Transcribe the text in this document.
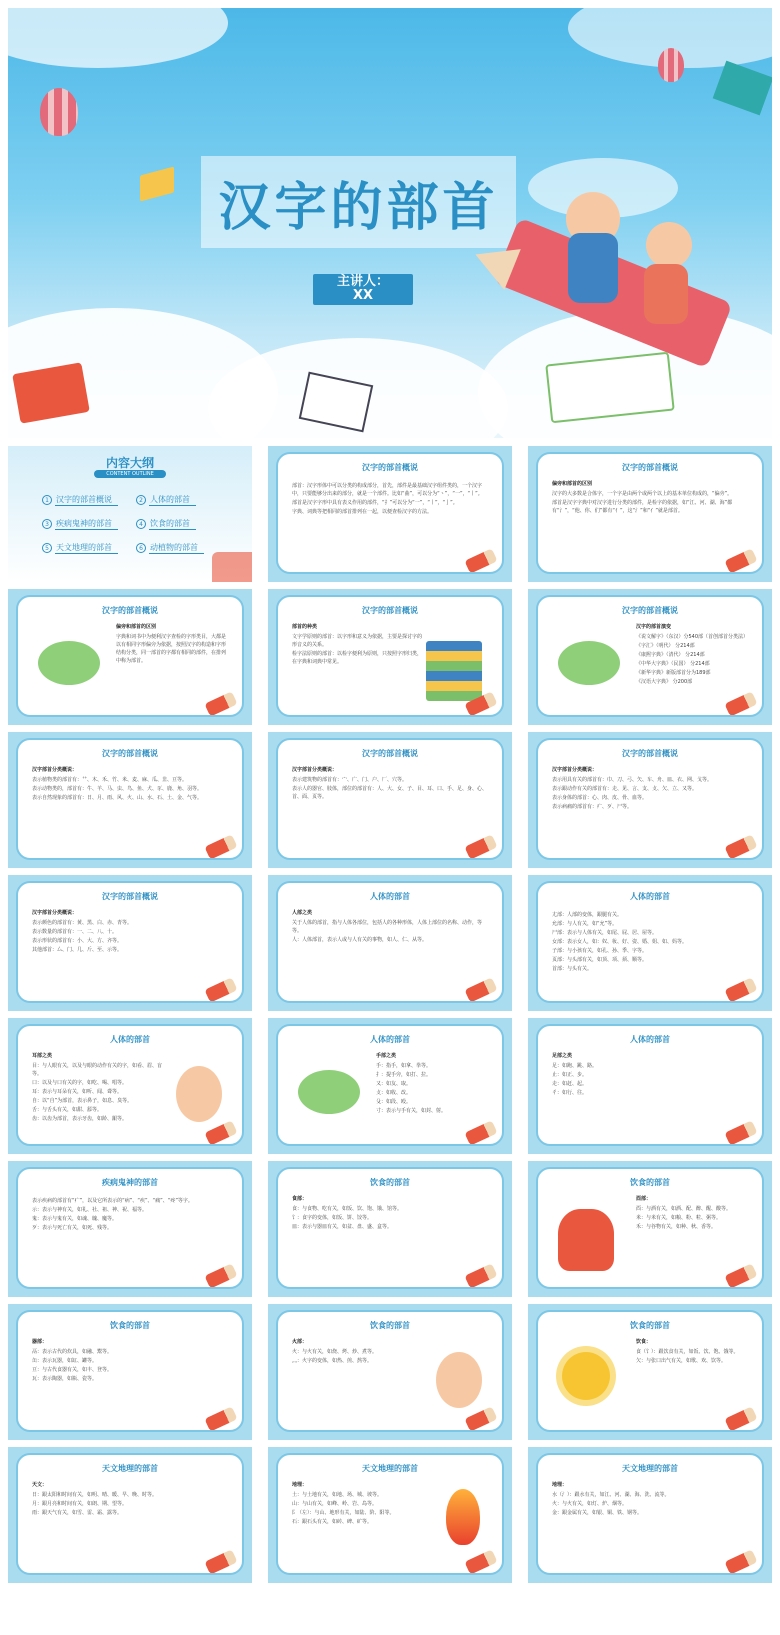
汉字的部首
主讲人：
XX
内容大纲
CONTENT OUTLINE
1 汉字的部首概说	2 人体的部首
3 疾病鬼神的部首	4 饮食的部首
5 天文地理的部首	6 动植物的部首
汉字的部首概说
部首：汉字形体中可以分类的构成部分，首先，部件是最基础汉字组件类的，一个汉字中，只要能够分出来的部分，就是一个部件。比如“曲”，可以分为“丶”，“一”，“丨”。
部首是汉字字形中具有表义作用的部件，“扌”可以分为“一”，“丨”，“亅”。
字典、词典等把相同的部首排列在一起，以便查检汉字的方法。
汉字的部首概说
偏旁和部首的区别
汉字的大多数是合体字，一个字是由两个或两个以上的基本单位构成的，“偏旁”。
部首是汉字字典中对汉字进行分类的部件，是检字的依据，如“江、河、湖、海”都有“氵”，“他、你、们”都有“亻”，这“氵”和“亻”就是部首。
汉字的部首概说
偏旁和部首的区别
字典和词书中为便利汉字查检的字形类目，大都是以有相同字形偏旁为依据，按照汉字的构造和字形结构分类，同一部首的字都有相同的部件，在排列中称为部首。
汉字的部首概说
部首的种类
文字学原则的部首：以字形和意义为依据，主要是探讨字的形音义的关系。
检字法原则的部首：以检字便利为原则，只按照字形归类，在字典和词典中常见。
汉字的部首概说
汉字的部首演变
《说文解字》（东汉）分540部（首创部首分类法）
《字汇》（明代） 分214部
《康熙字典》（清代） 分214部
《中华大字典》（民国） 分214部
《新华字典》新版部首分为189部
《汉语大字典》 分200部
汉字的部首概说
汉字部首分类概说：
表示植物类的部首有：艹、木、禾、竹、米、麦、麻、瓜、韭、豆等。
表示动物类的，部首有：牛、羊、马、虫、鸟、鱼、犬、豕、鹿、角、羽等。
表示自然现象的部首有：日、月、雨、风、火、山、水、石、土、金、气等。
汉字的部首概说
汉字部首分类概说：
表示建筑物的部首有：宀、广、门、户、厂、穴等。
表示人的器官、肢体，部位的部首有：人、大、女、子、目、耳、口、手、足、身、心、首、面、页等。
汉字的部首概说
汉字部首分类概说：
表示用具有关的部首有：巾、刀、弓、矢、车、舟、皿、衣、网、戈等。
表示跟动作有关的部首有：走、见、言、支、攴、欠、立、又等。
表示身体的部首：心、肉、皮、骨、血等。
表示病痛的部首有：疒、歹、尸等。
汉字的部首概说
汉字部首分类概说：
表示颜色的部首有：黄、黑、白、赤、青等。
表示数量的部首有：一、二、八、十。
表示形状的部首有：小、大、方、齐等。
其他部首：厶、门、几、斤、至、示等。
人体的部首
人部之类
关于人体的部首，指与人体各部位，包括人的各种形体，人体上部位的名称、动作，等等。
人：人体部首，表示人或与人有关的事物，如人、仁、从等。
人体的部首
尢部：人部的变体，跟腿有关。
允部：与人有关，如“允”等。
尸部：表示与人体有关，如尾、屁、居、屋等。
女部：表示女人，如：奴、妆、好、姿、婚、姐、如、妈等。
子部：与小孩有关，如孔、孙、季、字等。
页部：与头部有关，如顶、项、须、顺等。
首部：与头有关。
人体的部首
耳部之类
目：与人眼有关，以及与眼的动作有关的字，如看、眉、盲等。
口：以及与口有关的字，如吃、喝、唱等。
耳：表示与耳朵有关，如听、闻、聋等。
自：以“自”为部首，表示鼻子，如息、臭等。
舌：与舌头有关，如甜、舔等。
齿：以齿为部首，表示牙齿，如龄、龈等。
人体的部首
手部之类
手：指手，如拿、拳等。
扌：提手旁，如打、拉。
又：如友、取。
攴：如收、改。
殳：如段、殴。
寸：表示与手有关，如封、射。
人体的部首
足部之类
足：如跑、跳、路。
止：如正、步。
走：如赶、起。
彳：如行、往。
疾病鬼神的部首
表示疾病的部首有“疒”，以及它所表示的“病”、“疾”、“痛”、“疼”等字。
示：表示与神有关，如礼、社、祖、神、祝、福等。
鬼：表示与鬼有关，如魂、魄、魔等。
歹：表示与死亡有关，如死、残等。
饮食的部首
食部：
食：与食物、吃有关，如饭、饮、饱、饿、馆等。
饣：食字的变体，如饭、饼、饺等。
皿：表示与器皿有关，如盆、盘、盛、盒等。
饮食的部首
酉部：
酉：与酒有关，如酒、配、醉、醒、酸等。
米：与米有关，如粮、粉、粒、粥等。
禾：与谷物有关，如种、秋、香等。
饮食的部首
器部：
鬲：表示古代的炊具，如融、鬻等。
缶：表示瓦器，如缸、罐等。
豆：与古代食器有关，如丰、登等。
瓦：表示陶器，如瓶、瓷等。
饮食的部首
火部：
火：与火有关，如烧、烤、炒、煮等。
灬：火字的变体，如热、煎、熬等。
饮食的部首
饮食：
食（饣）：跟饮食有关，如饭、饮、饱、饿等。
欠：与张口出气有关，如歌、欢、饮等。
天文地理的部首
天文：
日：跟太阳和时间有关，如明、晴、暖、早、晚、时等。
月：跟月亮和时间有关，如朗、期、望等。
雨：跟天气有关，如雪、雷、霜、露等。
天文地理的部首
地理：
土：与土地有关，如地、场、城、坡等。
山：与山有关，如峰、岭、岩、岛等。
阝（左）：与山、地形有关，如陆、阶、阳等。
石：跟石头有关，如砖、碑、矿等。
天文地理的部首
地理：
水（氵）：跟水有关，如江、河、湖、海、洗、流等。
火：与火有关，如灯、炉、烟等。
金：跟金属有关，如银、铜、铁、钢等。
